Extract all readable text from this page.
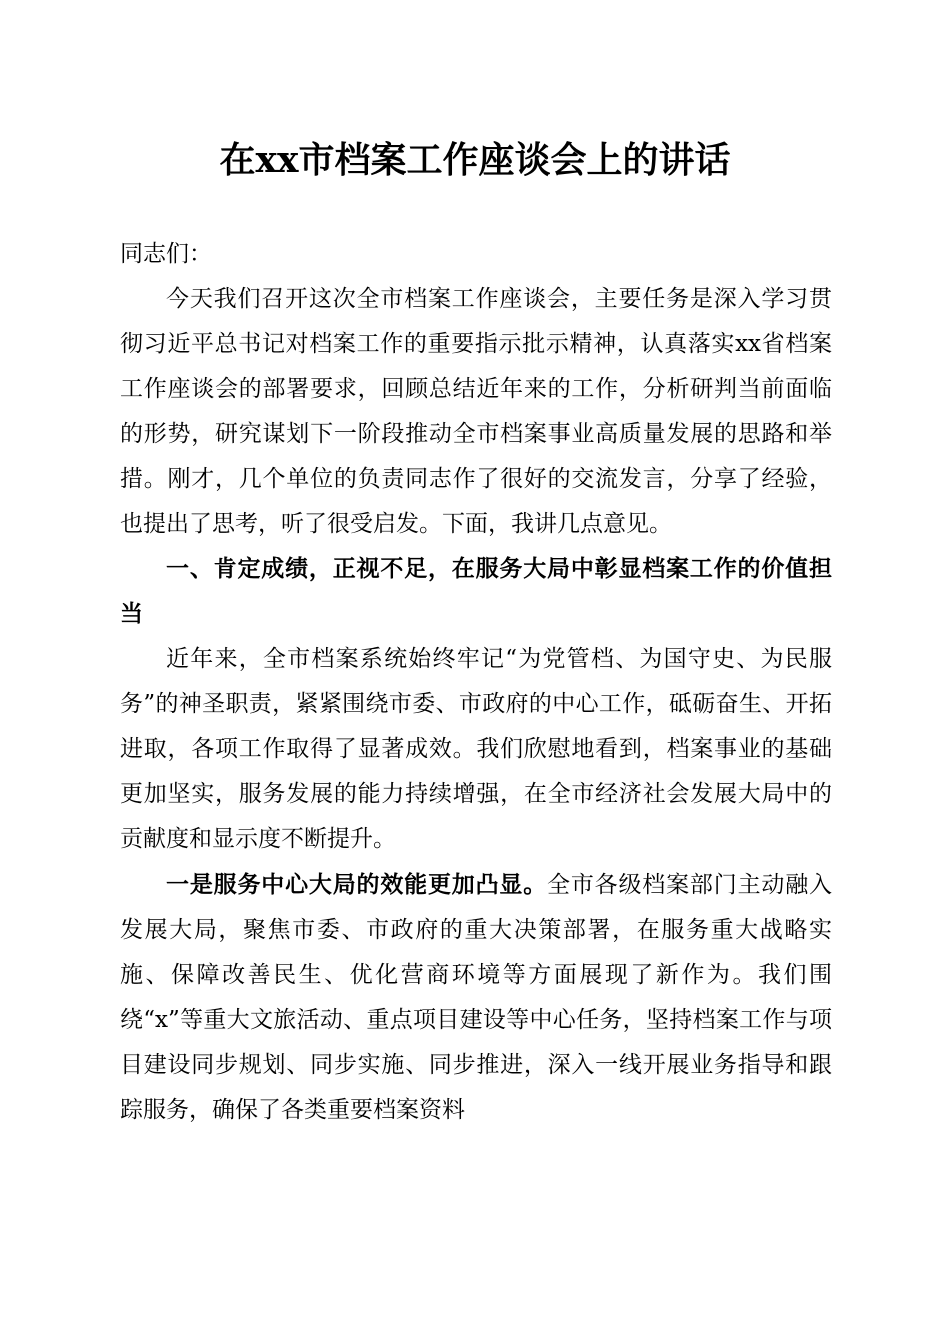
在xx市档案工作座谈会上的讲话

同志们：

今天我们召开这次全市档案工作座谈会，主要任务是深入学习贯彻习近平总书记对档案工作的重要指示批示精神，认真落实xx省档案工作座谈会的部署要求，回顾总结近年来的工作，分析研判当前面临的形势，研究谋划下一阶段推动全市档案事业高质量发展的思路和举措。刚才，几个单位的负责同志作了很好的交流发言，分享了经验，也提出了思考，听了很受启发。下面，我讲几点意见。

一、肯定成绩，正视不足，在服务大局中彰显档案工作的价值担当

近年来，全市档案系统始终牢记“为党管档、为国守史、为民服务”的神圣职责，紧紧围绕市委、市政府的中心工作，砥砺奋生、开拓进取，各项工作取得了显著成效。我们欣慰地看到，档案事业的基础更加坚实，服务发展的能力持续增强，在全市经济社会发展大局中的贡献度和显示度不断提升。

一是服务中心大局的效能更加凸显。全市各级档案部门主动融入发展大局，聚焦市委、市政府的重大决策部署，在服务重大战略实施、保障改善民生、优化营商环境等方面展现了新作为。我们围绕“x”等重大文旅活动、重点项目建设等中心任务，坚持档案工作与项目建设同步规划、同步实施、同步推进，深入一线开展业务指导和跟踪服务，确保了各类重要档案资料
